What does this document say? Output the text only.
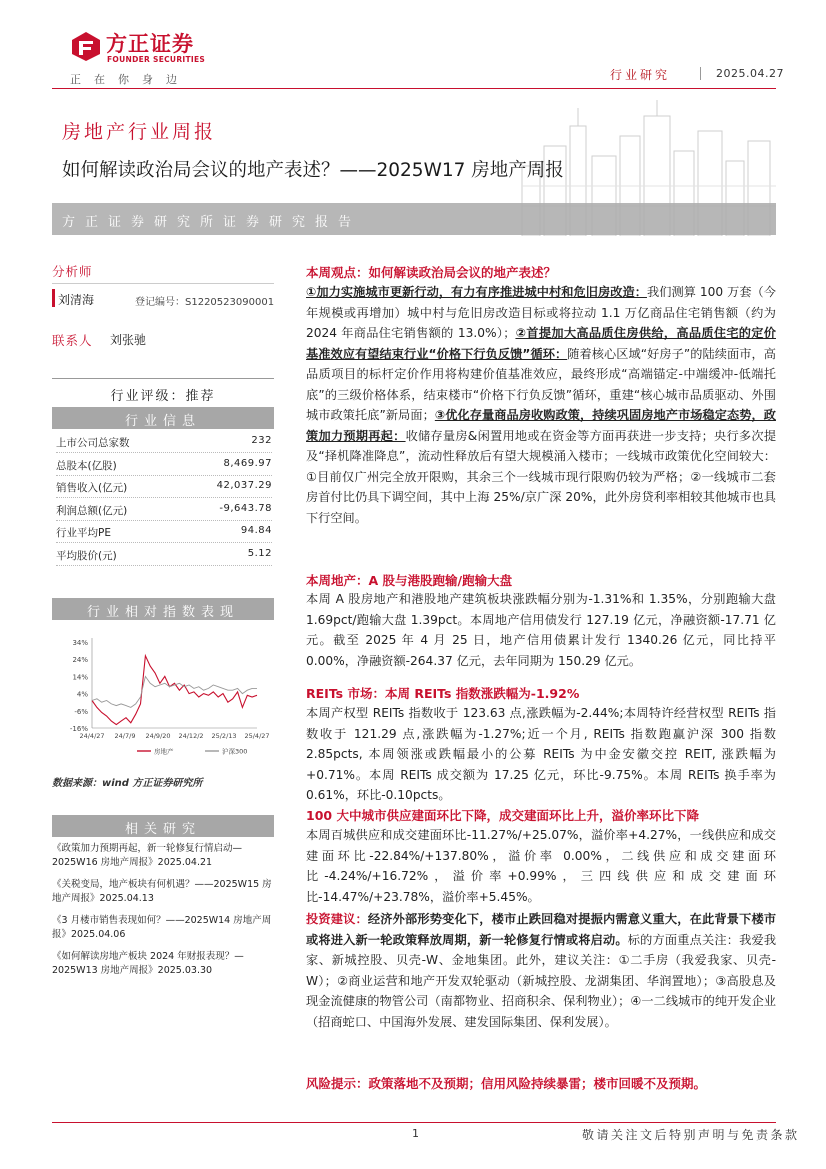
方正证券
FOUNDER SECURITIES
正在你身边	行业研究	2025.04.27
房地产行业周报
如何解读政治局会议的地产表述？——2025W17 房地产周报
方正证券研究所证券研究报告
分析师
刘清海	登记编号：S1220523090001
联系人 刘张驰
行业评级：推荐
行业信息
上市公司总家数	232
总股本(亿股)	8,469.97
销售收入(亿元)	42,037.29
利润总额(亿元)	-9,643.78
行业平均PE	94.84
平均股价(元)	5.12
行业相对指数表现
34%
24%
14%
4%
-6%
-16%
24/4/27 24/7/9 24/9/20 24/12/2 25/2/13 25/4/27
房地产	沪深300
数据来源：wind 方正证券研究所
相关研究
《政策加力预期再起，新一轮修复行情启动—2025W16 房地产周报》2025.04.21
《关税变局，地产板块有何机遇？——2025W15 房地产周报》2025.04.13
《3 月楼市销售表现如何？——2025W14 房地产周报》2025.04.06
《如何解读房地产板块 2024 年财报表现？—2025W13 房地产周报》2025.03.30
本周观点：如何解读政治局会议的地产表述？
①加力实施城市更新行动，有力有序推进城中村和危旧房改造：我们测算 100 万套（今年规模或再增加）城中村与危旧房改造目标或将拉动 1.1 万亿商品住宅销售额（约为 2024 年商品住宅销售额的 13.0%）；②首提加大高品质住房供给，高品质住宅的定价基准效应有望结束行业“价格下行负反馈”循环：随着核心区域“好房子”的陆续面市，高品质项目的标杆定价作用将构建价值基准效应，最终形成“高端锚定-中端缓冲-低端托底”的三级价格体系，结束楼市“价格下行负反馈”循环，重建“核心城市品质驱动、外围城市政策托底”新局面；③优化存量商品房收购政策，持续巩固房地产市场稳定态势，政策加力预期再起：收储存量房&闲置用地或在资金等方面再获进一步支持；央行多次提及“择机降准降息”，流动性释放后有望大规模涌入楼市；一线城市政策优化空间较大：①目前仅广州完全放开限购，其余三个一线城市现行限购仍较为严格；②一线城市二套房首付比仍具下调空间，其中上海 25%/京广深 20%，此外房贷利率相较其他城市也具下行空间。
本周地产：A 股与港股跑输/跑输大盘
本周 A 股房地产和港股地产建筑板块涨跌幅分别为-1.31%和 1.35%，分别跑输大盘 1.69pct/跑输大盘 1.39pct。本周地产信用债发行 127.19 亿元，净融资额-17.71 亿元。截至 2025 年 4 月 25 日，地产信用债累计发行 1340.26 亿元，同比持平 0.00%，净融资额-264.37 亿元，去年同期为 150.29 亿元。
REITs 市场：本周 REITs 指数涨跌幅为-1.92%
本周产权型 REITs 指数收于 123.63 点,涨跌幅为-2.44%;本周特许经营权型 REITs 指数收于 121.29 点,涨跌幅为-1.27%;近一个月, REITs 指数跑赢沪深 300 指数 2.85pcts, 本周领涨或跌幅最小的公募 REITs 为中金安徽交控 REIT, 涨跌幅为+0.71%。本周 REITs 成交额为 17.25 亿元，环比-9.75%。本周 REITs 换手率为 0.61%，环比-0.10pcts。
100 大中城市供应建面环比下降，成交建面环比上升，溢价率环比下降
本周百城供应和成交建面环比-11.27%/+25.07%，溢价率+4.27%，一线供应和成交建面环比-22.84%/+137.80%，溢价率 0.00%，二线供应和成交建面环比-4.24%/+16.72%，溢价率+0.99%，三四线供应和成交建面环比-14.47%/+23.78%，溢价率+5.45%。
投资建议：经济外部形势变化下，楼市止跌回稳对提振内需意义重大，在此背景下楼市或将进入新一轮政策释放周期，新一轮修复行情或将启动。标的方面重点关注：我爱我家、新城控股、贝壳-W、金地集团。此外，建议关注：①二手房（我爱我家、贝壳-W）；②商业运营和地产开发双轮驱动（新城控股、龙湖集团、华润置地）；③高股息及现金流健康的物管公司（南都物业、招商积余、保利物业）；④一二线城市的纯开发企业（招商蛇口、中国海外发展、建发国际集团、保利发展）。
风险提示：政策落地不及预期；信用风险持续暴雷；楼市回暖不及预期。
1	敬请关注文后特别声明与免责条款
